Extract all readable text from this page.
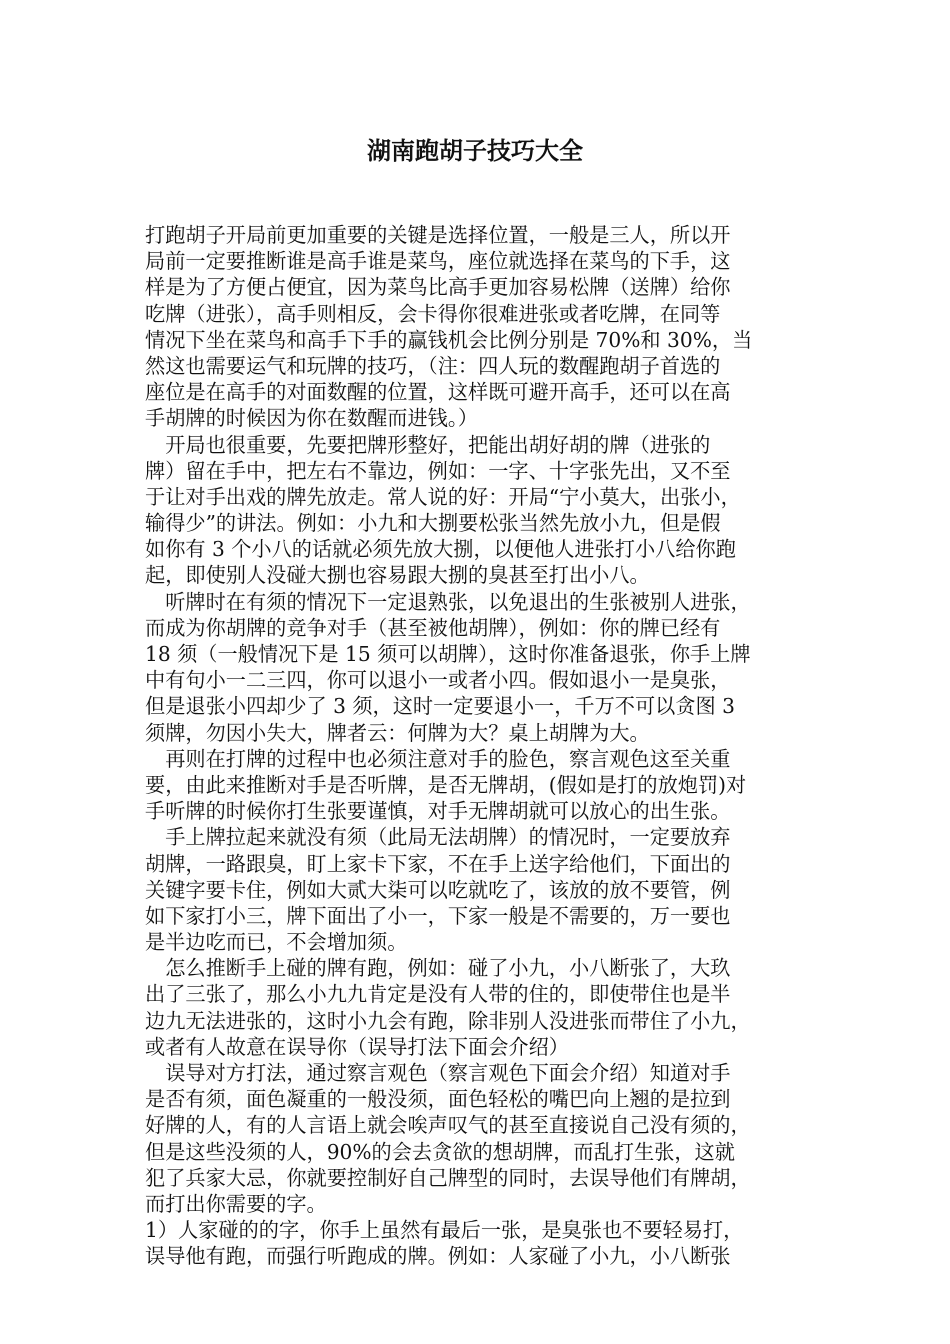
湖南跑胡子技巧大全
打跑胡子开局前更加重要的关键是选择位置，一般是三人，所以开
局前一定要推断谁是高手谁是菜鸟，座位就选择在菜鸟的下手，这
样是为了方便占便宜，因为菜鸟比高手更加容易松牌（送牌）给你
吃牌（进张），高手则相反，会卡得你很难进张或者吃牌，在同等
情况下坐在菜鸟和高手下手的赢钱机会比例分别是 70%和 30%，当
然这也需要运气和玩牌的技巧，（注：四人玩的数醒跑胡子首选的
座位是在高手的对面数醒的位置，这样既可避开高手，还可以在高
手胡牌的时候因为你在数醒而进钱。）
　开局也很重要，先要把牌形整好，把能出胡好胡的牌（进张的
牌）留在手中，把左右不靠边，例如：一字、十字张先出，又不至
于让对手出戏的牌先放走。常人说的好：开局“宁小莫大，出张小，
输得少”的讲法。例如：小九和大捌要松张当然先放小九，但是假
如你有 3 个小八的话就必须先放大捌，以便他人进张打小八给你跑
起，即使别人没碰大捌也容易跟大捌的臭甚至打出小八。
　听牌时在有须的情况下一定退熟张，以免退出的生张被别人进张，
而成为你胡牌的竞争对手（甚至被他胡牌），例如：你的牌已经有
18 须（一般情况下是 15 须可以胡牌），这时你准备退张，你手上牌
中有句小一二三四，你可以退小一或者小四。假如退小一是臭张，
但是退张小四却少了 3 须，这时一定要退小一，千万不可以贪图 3
须牌，勿因小失大，牌者云：何牌为大？桌上胡牌为大。
　再则在打牌的过程中也必须注意对手的脸色，察言观色这至关重
要，由此来推断对手是否听牌，是否无牌胡，(假如是打的放炮罚)对
手听牌的时候你打生张要谨慎，对手无牌胡就可以放心的出生张。
　手上牌拉起来就没有须（此局无法胡牌）的情况时，一定要放弃
胡牌，一路跟臭，盯上家卡下家，不在手上送字给他们，下面出的
关键字要卡住，例如大贰大柒可以吃就吃了，该放的放不要管，例
如下家打小三，牌下面出了小一，下家一般是不需要的，万一要也
是半边吃而已，不会增加须。
　怎么推断手上碰的牌有跑，例如：碰了小九，小八断张了，大玖
出了三张了，那么小九九肯定是没有人带的住的，即使带住也是半
边九无法进张的，这时小九会有跑，除非别人没进张而带住了小九，
或者有人故意在误导你（误导打法下面会介绍）
　误导对方打法，通过察言观色（察言观色下面会介绍）知道对手
是否有须，面色凝重的一般没须，面色轻松的嘴巴向上翘的是拉到
好牌的人，有的人言语上就会唉声叹气的甚至直接说自己没有须的，
但是这些没须的人，90%的会去贪欲的想胡牌，而乱打生张，这就
犯了兵家大忌，你就要控制好自己牌型的同时，去误导他们有牌胡，
而打出你需要的字。
1）人家碰的的字，你手上虽然有最后一张，是臭张也不要轻易打，
误导他有跑，而强行听跑成的牌。例如：人家碰了小九，小八断张
